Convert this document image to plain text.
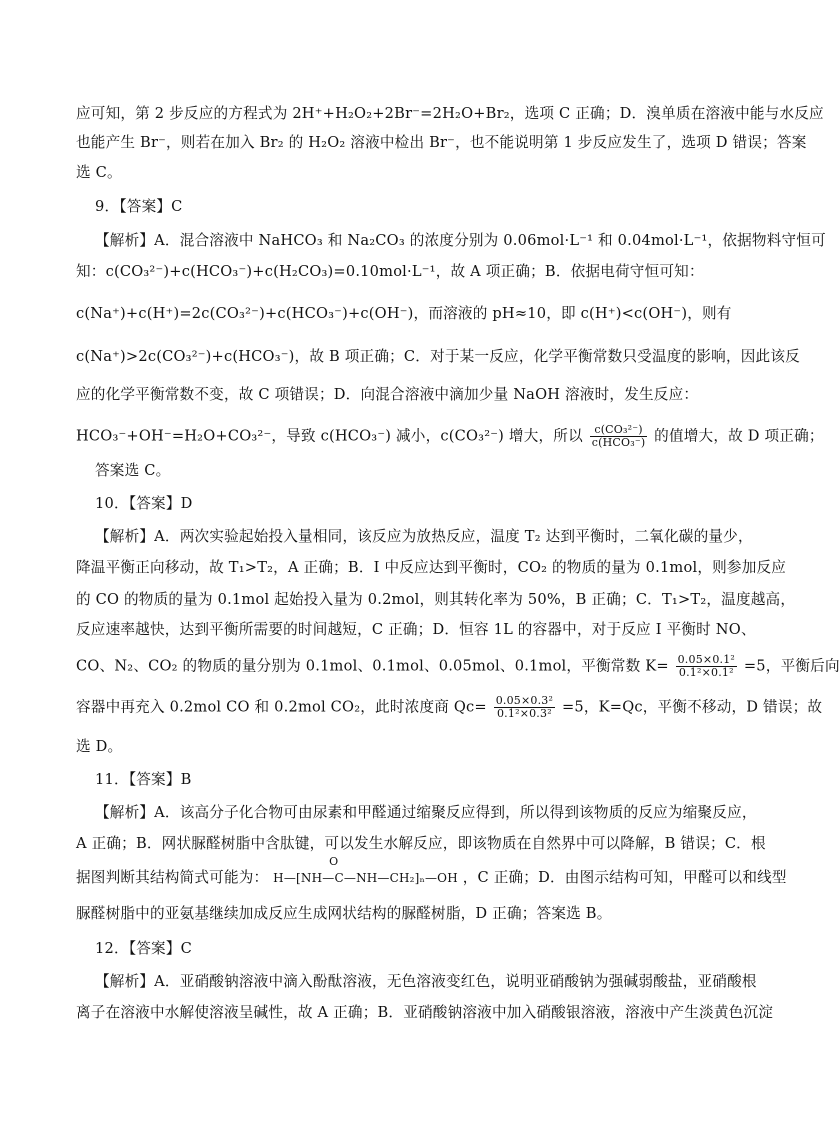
应可知，第 2 步反应的方程式为 2H⁺+H₂O₂+2Br⁻=2H₂O+Br₂，选项 C 正确；D．溴单质在溶液中能与水反应
也能产生 Br⁻，则若在加入 Br₂ 的 H₂O₂ 溶液中检出 Br⁻，也不能说明第 1 步反应发生了，选项 D 错误；答案
选 C。
9．【答案】C
【解析】A．混合溶液中 NaHCO₃ 和 Na₂CO₃ 的浓度分别为 0.06mol·L⁻¹ 和 0.04mol·L⁻¹，依据物料守恒可
知：c(CO₃²⁻)+c(HCO₃⁻)+c(H₂CO₃)=0.10mol·L⁻¹，故 A 项正确；B．依据电荷守恒可知：
c(Na⁺)+c(H⁺)=2c(CO₃²⁻)+c(HCO₃⁻)+c(OH⁻)，而溶液的 pH≈10，即 c(H⁺)<c(OH⁻)，则有
c(Na⁺)>2c(CO₃²⁻)+c(HCO₃⁻)，故 B 项正确；C．对于某一反应，化学平衡常数只受温度的影响，因此该反
应的化学平衡常数不变，故 C 项错误；D．向混合溶液中滴加少量 NaOH 溶液时，发生反应：
HCO₃⁻+OH⁻=H₂O+CO₃²⁻，导致 c(HCO₃⁻) 减小，c(CO₃²⁻) 增大，所以 $\frac{\text{c(CO₃²⁻)}}{\text{c(HCO₃⁻)}}$ 的值增大，故 D 项正确；
答案选 C。
10．【答案】D
【解析】A．两次实验起始投入量相同，该反应为放热反应，温度 T₂ 达到平衡时，二氧化碳的量少，
降温平衡正向移动，故 T₁>T₂，A 正确；B．I 中反应达到平衡时，CO₂ 的物质的量为 0.1mol，则参加反应
的 CO 的物质的量为 0.1mol 起始投入量为 0.2mol，则其转化率为 50%，B 正确；C．T₁>T₂，温度越高，
反应速率越快，达到平衡所需要的时间越短，C 正确；D．恒容 1L 的容器中，对于反应 I 平衡时 NO、
CO、N₂、CO₂ 的物质的量分别为 0.1mol、0.1mol、0.05mol、0.1mol，平衡常数 $K= \frac{\text{0.05×0.1²}}{\text{0.1²×0.1²}} =5$，平衡后向
容器中再充入 0.2mol CO 和 0.2mol CO₂，此时浓度商 $Qc= \frac{\text{0.05×0.3²}}{\text{0.1²×0.3²}} =5$，K=Qc，平衡不移动，D 错误；故
选 D。
11．【答案】B
【解析】A．该高分子化合物可由尿素和甲醛通过缩聚反应得到，所以得到该物质的反应为缩聚反应，
A 正确；B．网状脲醛树脂中含肽键，可以发生水解反应，即该物质在自然界中可以降解，B 错误；C．根
据图判断其结构简式可能为：
O
H—[NH—C—NH—CH₂]ₙ—OH ，C 正确；D．由图示结构可知，甲醛可以和线型
脲醛树脂中的亚氨基继续加成反应生成网状结构的脲醛树脂，D 正确；答案选 B。
12．【答案】C
【解析】A．亚硝酸钠溶液中滴入酚酞溶液，无色溶液变红色，说明亚硝酸钠为强碱弱酸盐，亚硝酸根
离子在溶液中水解使溶液呈碱性，故 A 正确；B．亚硝酸钠溶液中加入硝酸银溶液，溶液中产生淡黄色沉淀
